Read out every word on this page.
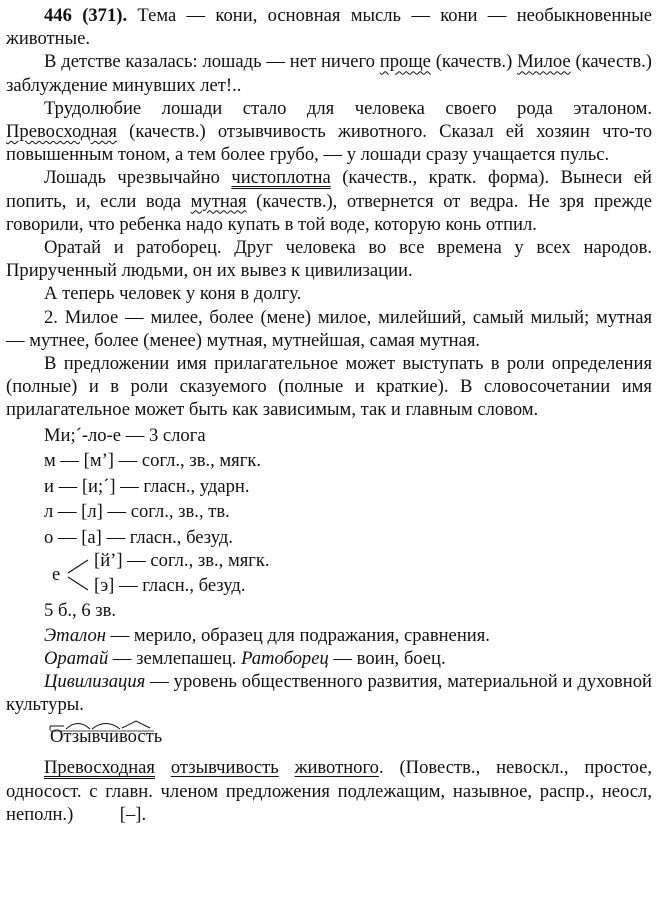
446 (371). Тема — кони, основная мысль — кони — необыкновенные животные.

В детстве казалась: лошадь — нет ничего проще (качеств.) Милое (качеств.) заблуждение минувших лет!..

Трудолюбие лошади стало для человека своего рода эталоном. Превосходная (качеств.) отзывчивость животного. Сказал ей хозяин что-то повышенным тоном, а тем более грубо, — у лошади сразу учащается пульс.

Лошадь чрезвычайно чистоплотна (качеств., кратк. форма). Вынеси ей попить, и, если вода мутная (качеств.), отвернется от ведра. Не зря прежде говорили, что ребенка надо купать в той воде, которую конь отпил.

Оратай и ратоборец. Друг человека во все времена у всех народов. Прирученный людьми, он их вывез к цивилизации.

А теперь человек у коня в долгу.

2. Милое — милее, более (мене) милое, милейший, самый милый; мутная — мутнее, более (менее) мутная, мутнейшая, самая мутная.

В предложении имя прилагательное может выступать в роли определения (полные) и в роли сказуемого (полные и краткие). В словосочетании имя прилагательное может быть как зависимым, так и главным словом.

Ми;´-ло-е — 3 слога

м — [м’] — согл., зв., мягк.

и — [и;´] — гласн., ударн.

л — [л] — согл., зв., тв.

о — [а] — гласн., безуд.

е
[й’] — согл., зв., мягк.
[э] — гласн., безуд.

5 б., 6 зв.

Эталон — мерило, образец для подражания, сравнения.

Оратай — землепашец. Ратоборец — воин, боец.

Цивилизация — уровень общественного развития, материальной и духовной культуры.

Отзывчивость

Превосходная отзывчивость животного. (Повеств., невоскл., простое, односост. с главн. членом предложения подлежащим, назывное, распр., неосл, неполн.) [–].
